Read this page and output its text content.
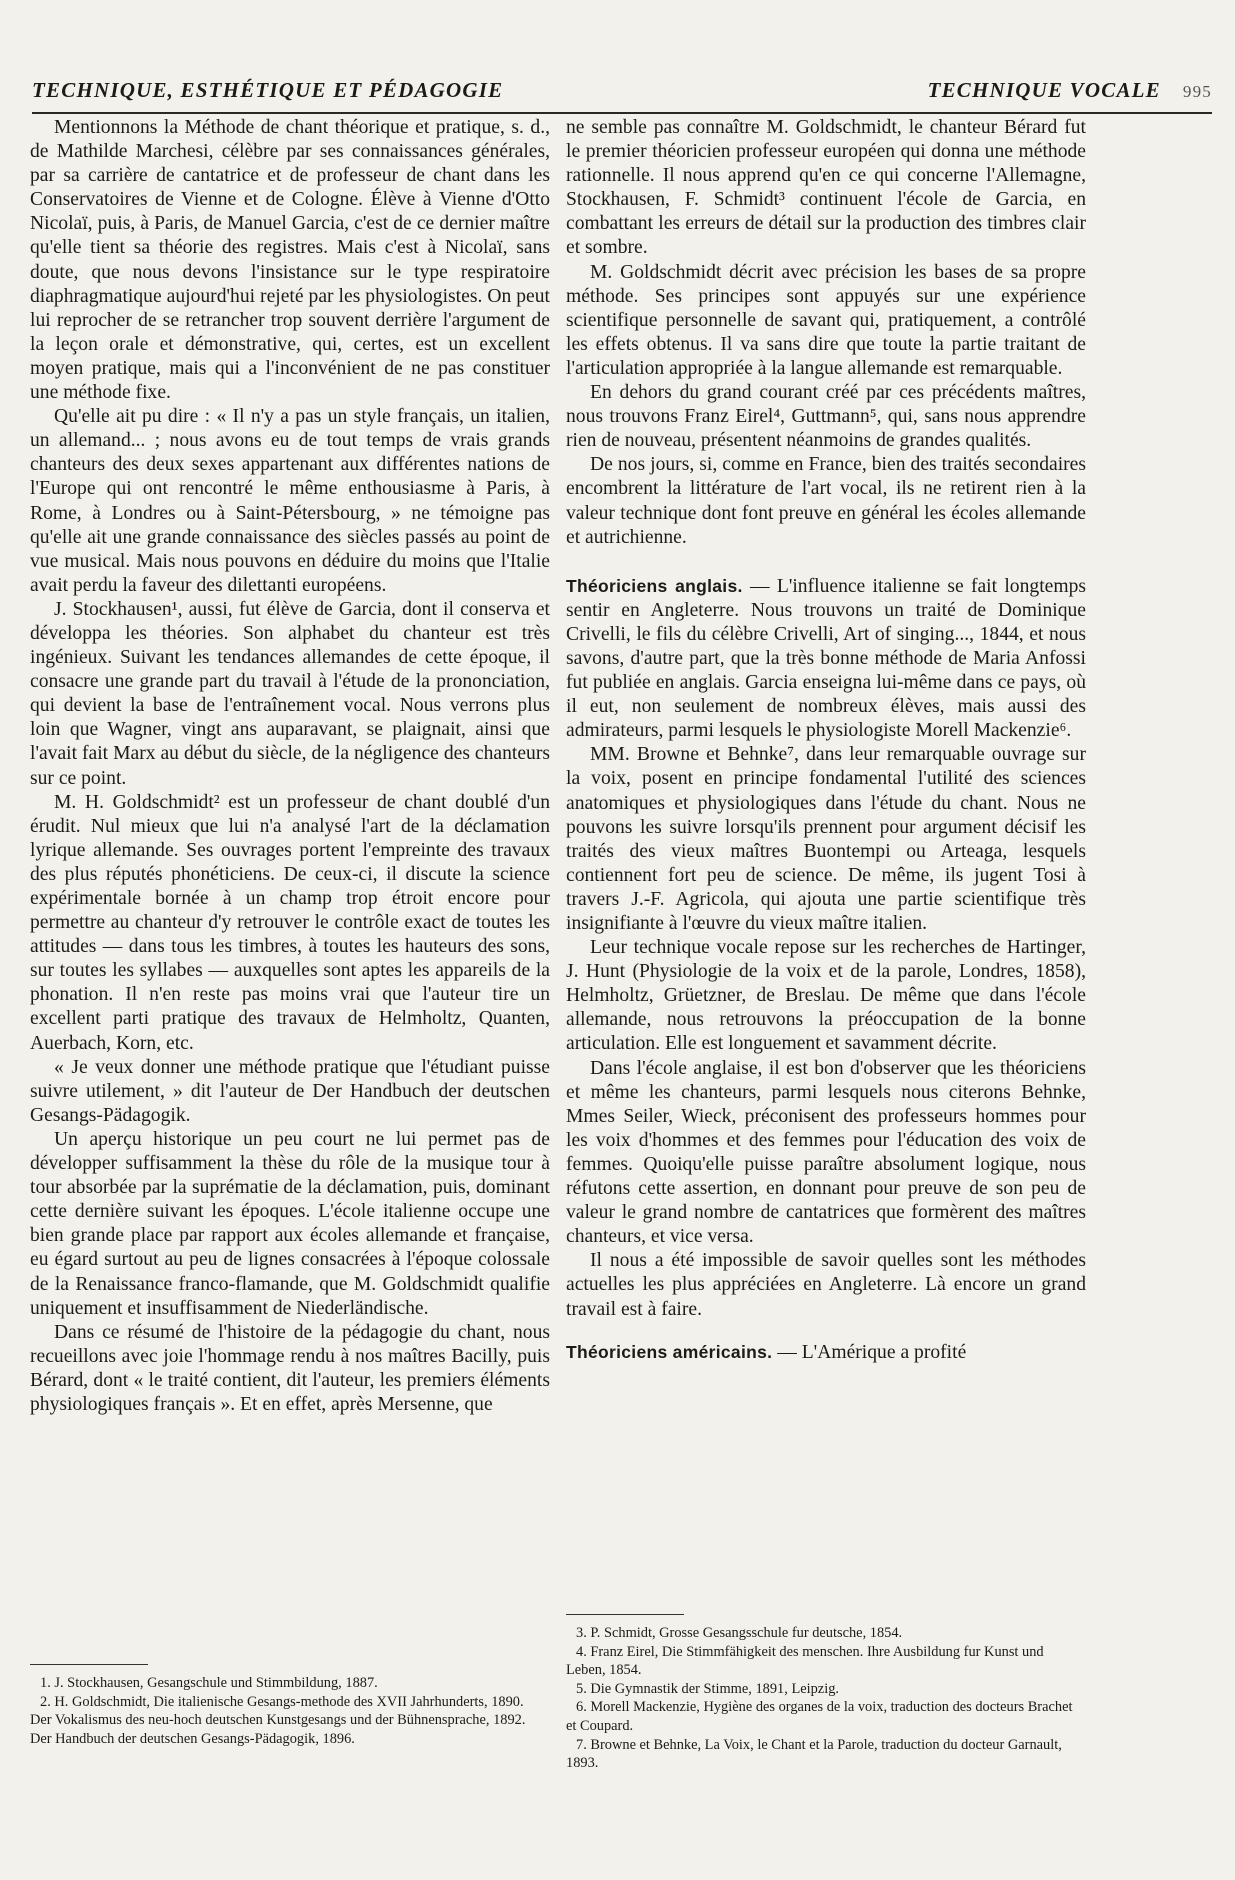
TECHNIQUE, ESTHÉTIQUE ET PÉDAGOGIE	TECHNIQUE VOCALE 995

Mentionnons la Méthode de chant théorique et pratique, s. d., de Mathilde Marchesi, célèbre par ses connaissances générales, par sa carrière de cantatrice et de professeur de chant dans les Conservatoires de Vienne et de Cologne. Élève à Vienne d'Otto Nicolaï, puis, à Paris, de Manuel Garcia, c'est de ce dernier maître qu'elle tient sa théorie des registres. Mais c'est à Nicolaï, sans doute, que nous devons l'insistance sur le type respiratoire diaphragmatique aujourd'hui rejeté par les physiologistes. On peut lui reprocher de se retrancher trop souvent derrière l'argument de la leçon orale et démonstrative, qui, certes, est un excellent moyen pratique, mais qui a l'inconvénient de ne pas constituer une méthode fixe.

Qu'elle ait pu dire : « Il n'y a pas un style français, un italien, un allemand... ; nous avons eu de tout temps de vrais grands chanteurs des deux sexes appartenant aux différentes nations de l'Europe qui ont rencontré le même enthousiasme à Paris, à Rome, à Londres ou à Saint-Pétersbourg, » ne témoigne pas qu'elle ait une grande connaissance des siècles passés au point de vue musical. Mais nous pouvons en déduire du moins que l'Italie avait perdu la faveur des dilettanti européens.

J. Stockhausen¹, aussi, fut élève de Garcia, dont il conserva et développa les théories. Son alphabet du chanteur est très ingénieux. Suivant les tendances allemandes de cette époque, il consacre une grande part du travail à l'étude de la prononciation, qui devient la base de l'entraînement vocal. Nous verrons plus loin que Wagner, vingt ans auparavant, se plaignait, ainsi que l'avait fait Marx au début du siècle, de la négligence des chanteurs sur ce point.

M. H. Goldschmidt² est un professeur de chant doublé d'un érudit. Nul mieux que lui n'a analysé l'art de la déclamation lyrique allemande. Ses ouvrages portent l'empreinte des travaux des plus réputés phonéticiens. De ceux-ci, il discute la science expérimentale bornée à un champ trop étroit encore pour permettre au chanteur d'y retrouver le contrôle exact de toutes les attitudes — dans tous les timbres, à toutes les hauteurs des sons, sur toutes les syllabes — auxquelles sont aptes les appareils de la phonation. Il n'en reste pas moins vrai que l'auteur tire un excellent parti pratique des travaux de Helmholtz, Quanten, Auerbach, Korn, etc.

« Je veux donner une méthode pratique que l'étudiant puisse suivre utilement, » dit l'auteur de Der Handbuch der deutschen Gesangs-Pädagogik.

Un aperçu historique un peu court ne lui permet pas de développer suffisamment la thèse du rôle de la musique tour à tour absorbée par la suprématie de la déclamation, puis, dominant cette dernière suivant les époques. L'école italienne occupe une bien grande place par rapport aux écoles allemande et française, eu égard surtout au peu de lignes consacrées à l'époque colossale de la Renaissance franco-flamande, que M. Goldschmidt qualifie uniquement et insuffisamment de Niederländische.

Dans ce résumé de l'histoire de la pédagogie du chant, nous recueillons avec joie l'hommage rendu à nos maîtres Bacilly, puis Bérard, dont « le traité contient, dit l'auteur, les premiers éléments physiologiques français ». Et en effet, après Mersenne, que

1. J. Stockhausen, Gesangschule und Stimmbildung, 1887.
2. H. Goldschmidt, Die italienische Gesangs-methode des XVII Jahrhunderts, 1890. Der Vokalismus des neu-hoch deutschen Kunstgesangs und der Bühnensprache, 1892. Der Handbuch der deutschen Gesangs-Pädagogik, 1896.

ne semble pas connaître M. Goldschmidt, le chanteur Bérard fut le premier théoricien professeur européen qui donna une méthode rationnelle. Il nous apprend qu'en ce qui concerne l'Allemagne, Stockhausen, F. Schmidt³ continuent l'école de Garcia, en combattant les erreurs de détail sur la production des timbres clair et sombre.

M. Goldschmidt décrit avec précision les bases de sa propre méthode. Ses principes sont appuyés sur une expérience scientifique personnelle de savant qui, pratiquement, a contrôlé les effets obtenus. Il va sans dire que toute la partie traitant de l'articulation appropriée à la langue allemande est remarquable.

En dehors du grand courant créé par ces précédents maîtres, nous trouvons Franz Eirel⁴, Guttmann⁵, qui, sans nous apprendre rien de nouveau, présentent néanmoins de grandes qualités.

De nos jours, si, comme en France, bien des traités secondaires encombrent la littérature de l'art vocal, ils ne retirent rien à la valeur technique dont font preuve en général les écoles allemande et autrichienne.

Théoriciens anglais. — L'influence italienne se fait longtemps sentir en Angleterre. Nous trouvons un traité de Dominique Crivelli, le fils du célèbre Crivelli, Art of singing..., 1844, et nous savons, d'autre part, que la très bonne méthode de Maria Anfossi fut publiée en anglais. Garcia enseigna lui-même dans ce pays, où il eut, non seulement de nombreux élèves, mais aussi des admirateurs, parmi lesquels le physiologiste Morell Mackenzie⁶.

MM. Browne et Behnke⁷, dans leur remarquable ouvrage sur la voix, posent en principe fondamental l'utilité des sciences anatomiques et physiologiques dans l'étude du chant. Nous ne pouvons les suivre lorsqu'ils prennent pour argument décisif les traités des vieux maîtres Buontempi ou Arteaga, lesquels contiennent fort peu de science. De même, ils jugent Tosi à travers J.-F. Agricola, qui ajouta une partie scientifique très insignifiante à l'œuvre du vieux maître italien.

Leur technique vocale repose sur les recherches de Hartinger, J. Hunt (Physiologie de la voix et de la parole, Londres, 1858), Helmholtz, Grüetzner, de Breslau. De même que dans l'école allemande, nous retrouvons la préoccupation de la bonne articulation. Elle est longuement et savamment décrite.

Dans l'école anglaise, il est bon d'observer que les théoriciens et même les chanteurs, parmi lesquels nous citerons Behnke, Mmes Seiler, Wieck, préconisent des professeurs hommes pour les voix d'hommes et des femmes pour l'éducation des voix de femmes. Quoiqu'elle puisse paraître absolument logique, nous réfutons cette assertion, en donnant pour preuve de son peu de valeur le grand nombre de cantatrices que formèrent des maîtres chanteurs, et vice versa.

Il nous a été impossible de savoir quelles sont les méthodes actuelles les plus appréciées en Angleterre. Là encore un grand travail est à faire.

Théoriciens américains. — L'Amérique a profité

3. P. Schmidt, Grosse Gesangsschule fur deutsche, 1854.
4. Franz Eirel, Die Stimmfähigkeit des menschen. Ihre Ausbildung fur Kunst und Leben, 1854.
5. Die Gymnastik der Stimme, 1891, Leipzig.
6. Morell Mackenzie, Hygiène des organes de la voix, traduction des docteurs Brachet et Coupard.
7. Browne et Behnke, La Voix, le Chant et la Parole, traduction du docteur Garnault, 1893.
